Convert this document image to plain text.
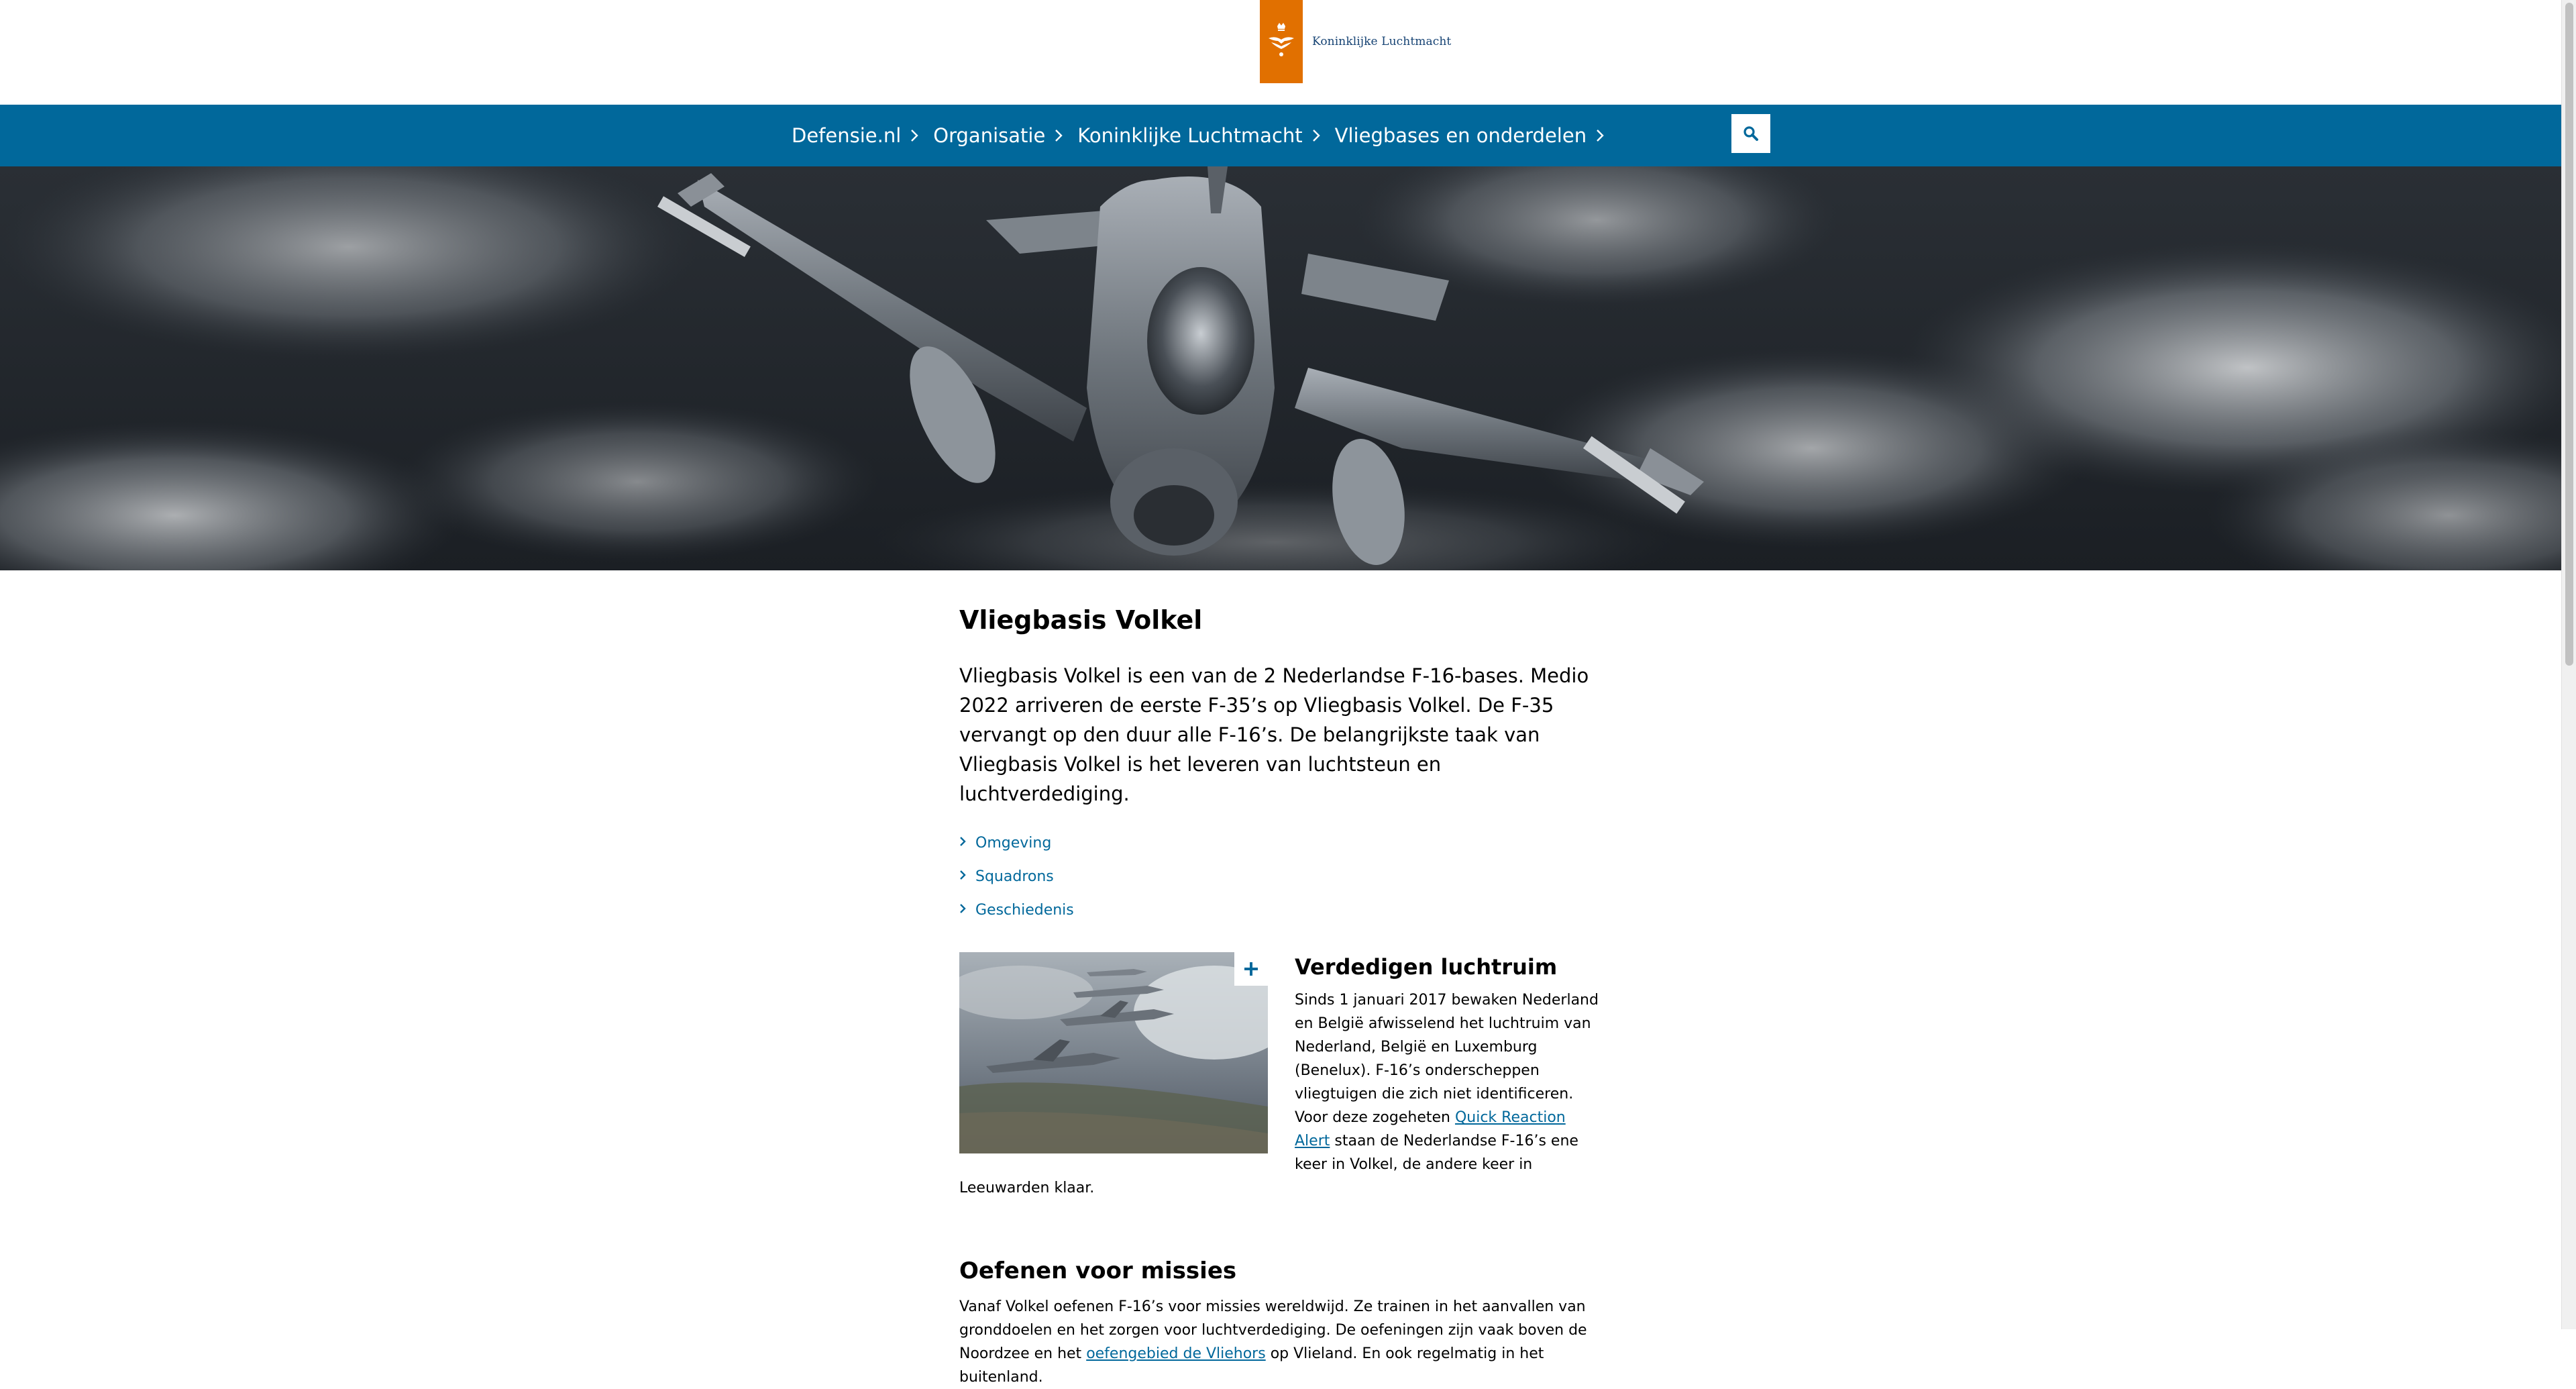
Koninklijke Luchtmacht
Defensie.nl Organisatie Koninklijke Luchtmacht Vliegbases en onderdelen
Vliegbasis Volkel

Vliegbasis Volkel is een van de 2 Nederlandse F-16-bases. Medio 2022 arriveren de eerste F-35’s op Vliegbasis Volkel. De F-35 vervangt op den duur alle F-16’s. De belangrijkste taak van Vliegbasis Volkel is het leveren van luchtsteun en luchtverdediging.

Omgeving
Squadrons
Geschiedenis
Verdedigen luchtruim

Sinds 1 januari 2017 bewaken Nederland en België afwisselend het luchtruim van Nederland, België en Luxemburg (Benelux). F-16’s onderscheppen vliegtuigen die zich niet identificeren. Voor deze zogeheten Quick Reaction Alert staan de Nederlandse F-16’s ene keer in Volkel, de andere keer in Leeuwarden klaar.

Oefenen voor missies

Vanaf Volkel oefenen F-16’s voor missies wereldwijd. Ze trainen in het aanvallen van gronddoelen en het zorgen voor luchtverdediging. De oefeningen zijn vaak boven de Noordzee en het oefengebied de Vliehors op Vlieland. En ook regelmatig in het buitenland.
